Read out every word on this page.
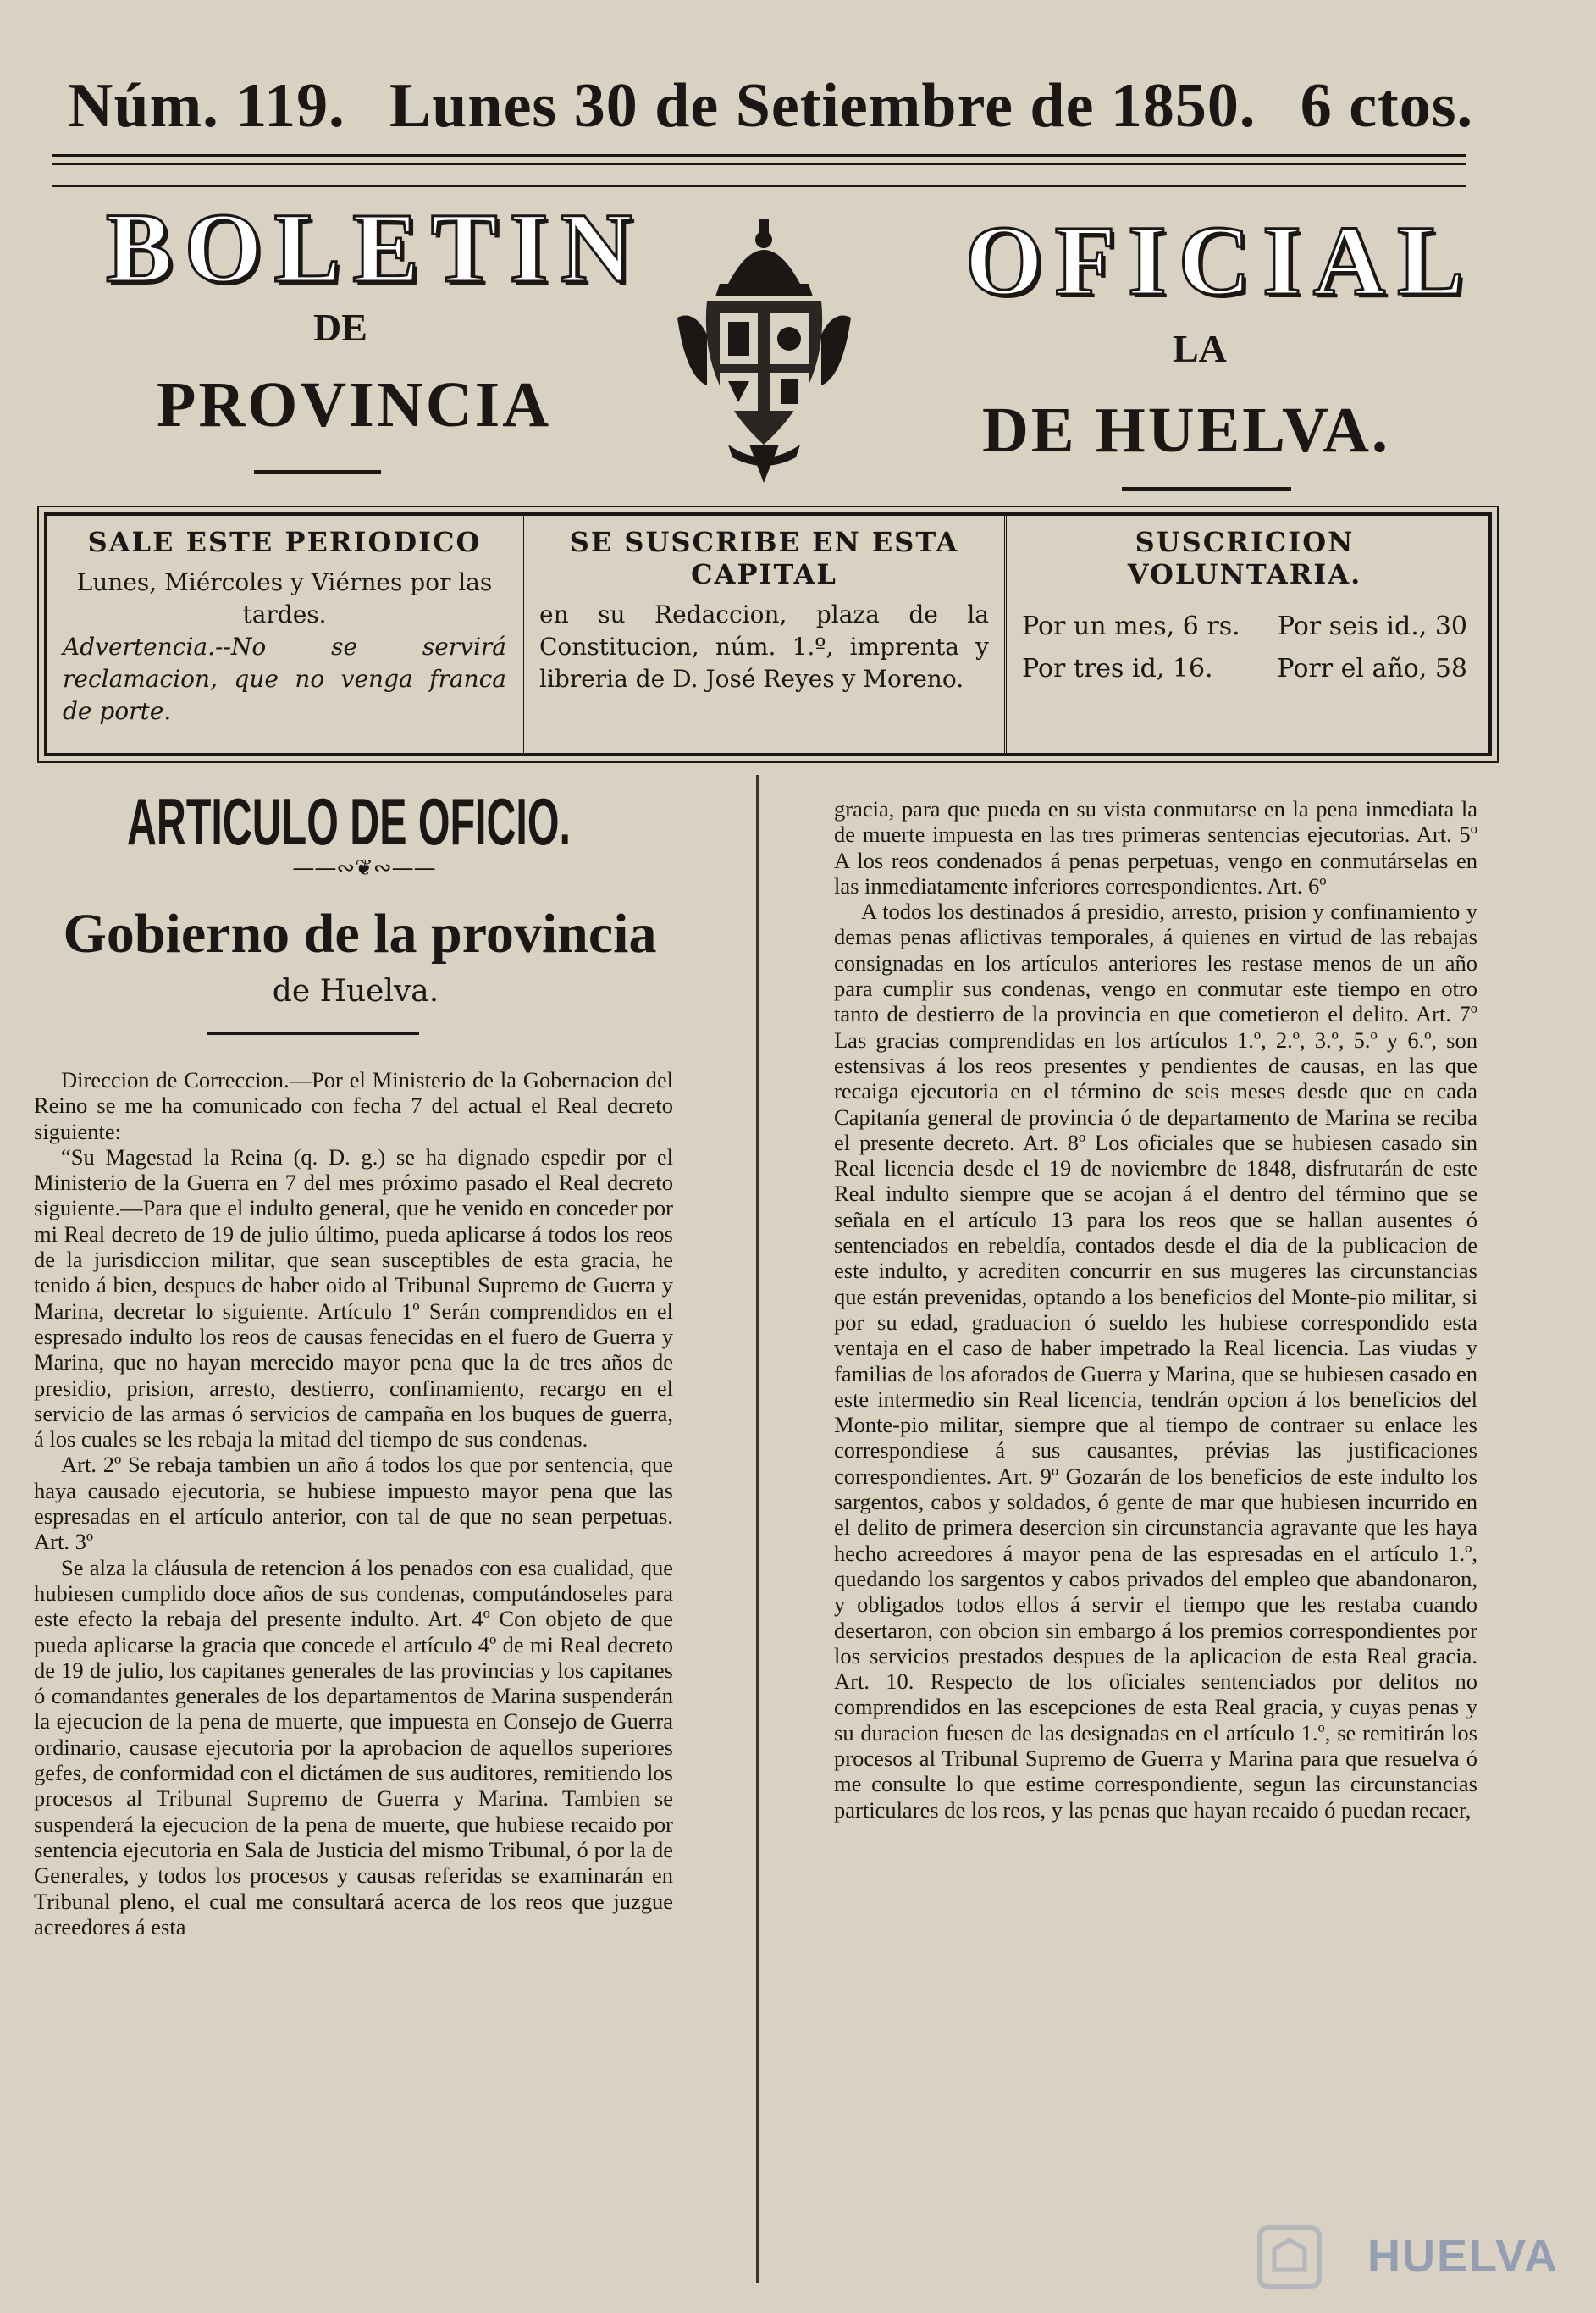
Núm. 119. Lunes 30 de Setiembre de 1850. 6 ctos.
BOLETIN	OFICIAL
DE	LA
PROVINCIA	DE HUELVA.
SALE ESTE PERIODICO

Lunes, Miércoles y Viérnes por las tardes.

Advertencia.--No se servirá reclamacion, que no venga franca de porte.

SE SUSCRIBE EN ESTA CAPITAL

en su Redaccion, plaza de la Constitucion, núm. 1.º, imprenta y libreria de D. José Reyes y Moreno.

SUSCRICION VOLUNTARIA.
Por un mes, 6 rs.	Por seis id., 30
Por tres id, 16.	Porr el año, 58
ARTICULO DE OFICIO.
——∾❦∾——
Gobierno de la provincia
de Huelva.

Direccion de Correccion.—Por el Ministerio de la Gobernacion del Reino se me ha comunicado con fecha 7 del actual el Real decreto siguiente:

“Su Magestad la Reina (q. D. g.) se ha dignado espedir por el Ministerio de la Guerra en 7 del mes próximo pasado el Real decreto siguiente.—Para que el indulto general, que he venido en conceder por mi Real decreto de 19 de julio último, pueda aplicarse á todos los reos de la jurisdiccion militar, que sean susceptibles de esta gracia, he tenido á bien, despues de haber oido al Tribunal Supremo de Guerra y Marina, decretar lo siguiente. Artículo 1º Serán comprendidos en el espresado indulto los reos de causas fenecidas en el fuero de Guerra y Marina, que no hayan merecido mayor pena que la de tres años de presidio, prision, arresto, destierro, confinamiento, recargo en el servicio de las armas ó servicios de campaña en los buques de guerra, á los cuales se les rebaja la mitad del tiempo de sus condenas.

Art. 2º Se rebaja tambien un año á todos los que por sentencia, que haya causado ejecutoria, se hubiese impuesto mayor pena que las espresadas en el artículo anterior, con tal de que no sean perpetuas. Art. 3º

Se alza la cláusula de retencion á los penados con esa cualidad, que hubiesen cumplido doce años de sus condenas, computándoseles para este efecto la rebaja del presente indulto. Art. 4º Con objeto de que pueda aplicarse la gracia que concede el artículo 4º de mi Real decreto de 19 de julio, los capitanes generales de las provincias y los capitanes ó comandantes generales de los departamentos de Marina suspenderán la ejecucion de la pena de muerte, que impuesta en Consejo de Guerra ordinario, causase ejecutoria por la aprobacion de aquellos superiores gefes, de conformidad con el dictámen de sus auditores, remitiendo los procesos al Tribunal Supremo de Guerra y Marina. Tambien se suspenderá la ejecucion de la pena de muerte, que hubiese recaido por sentencia ejecutoria en Sala de Justicia del mismo Tribunal, ó por la de Generales, y todos los procesos y causas referidas se examinarán en Tribunal pleno, el cual me consultará acerca de los reos que juzgue acreedores á esta

gracia, para que pueda en su vista conmutarse en la pena inmediata la de muerte impuesta en las tres primeras sentencias ejecutorias. Art. 5º A los reos condenados á penas perpetuas, vengo en conmutárselas en las inmediatamente inferiores correspondientes. Art. 6º

A todos los destinados á presidio, arresto, prision y confinamiento y demas penas aflictivas temporales, á quienes en virtud de las rebajas consignadas en los artículos anteriores les restase menos de un año para cumplir sus condenas, vengo en conmutar este tiempo en otro tanto de destierro de la provincia en que cometieron el delito. Art. 7º Las gracias comprendidas en los artículos 1.º, 2.º, 3.º, 5.º y 6.º, son estensivas á los reos presentes y pendientes de causas, en las que recaiga ejecutoria en el término de seis meses desde que en cada Capitanía general de provincia ó de departamento de Marina se reciba el presente decreto. Art. 8º Los oficiales que se hubiesen casado sin Real licencia desde el 19 de noviembre de 1848, disfrutarán de este Real indulto siempre que se acojan á el dentro del término que se señala en el artículo 13 para los reos que se hallan ausentes ó sentenciados en rebeldía, contados desde el dia de la publicacion de este indulto, y acrediten concurrir en sus mugeres las circunstancias que están prevenidas, optando a los beneficios del Monte-pio militar, si por su edad, graduacion ó sueldo les hubiese correspondido esta ventaja en el caso de haber impetrado la Real licencia. Las viudas y familias de los aforados de Guerra y Marina, que se hubiesen casado en este intermedio sin Real licencia, tendrán opcion á los beneficios del Monte-pio militar, siempre que al tiempo de contraer su enlace les correspondiese á sus causantes, prévias las justificaciones correspondientes. Art. 9º Gozarán de los beneficios de este indulto los sargentos, cabos y soldados, ó gente de mar que hubiesen incurrido en el delito de primera desercion sin circunstancia agravante que les haya hecho acreedores á mayor pena de las espresadas en el artículo 1.º, quedando los sargentos y cabos privados del empleo que abandonaron, y obligados todos ellos á servir el tiempo que les restaba cuando desertaron, con obcion sin embargo á los premios correspondientes por los servicios prestados despues de la aplicacion de esta Real gracia. Art. 10. Respecto de los oficiales sentenciados por delitos no comprendidos en las escepciones de esta Real gracia, y cuyas penas y su duracion fuesen de las designadas en el artículo 1.º, se remitirán los procesos al Tribunal Supremo de Guerra y Marina para que resuelva ó me consulte lo que estime correspondiente, segun las circunstancias particulares de los reos, y las penas que hayan recaido ó puedan recaer,

HUELVA
